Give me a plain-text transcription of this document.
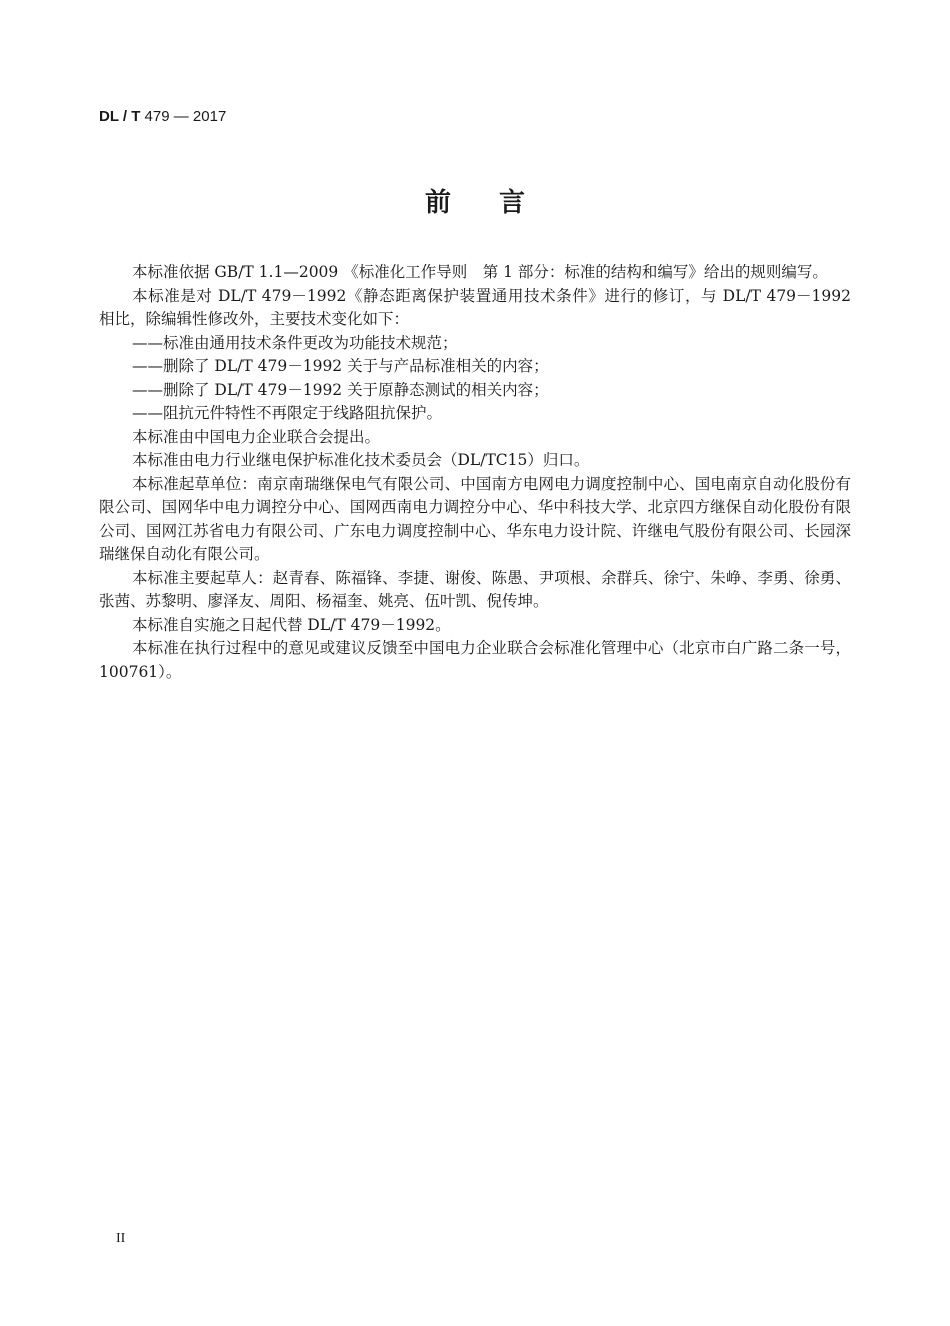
DL / T 479 — 2017
前言

本标准依据 GB/T 1.1—2009 《标准化工作导则　第 1 部分：标准的结构和编写》给出的规则编写。

本标准是对 DL/T 479－1992《静态距离保护装置通用技术条件》进行的修订，与 DL/T 479－1992 相比，除编辑性修改外，主要技术变化如下：

——标准由通用技术条件更改为功能技术规范；

——删除了 DL/T 479－1992 关于与产品标准相关的内容；

——删除了 DL/T 479－1992 关于原静态测试的相关内容；

——阻抗元件特性不再限定于线路阻抗保护。

本标准由中国电力企业联合会提出。

本标准由电力行业继电保护标准化技术委员会（DL/TC15）归口。

本标准起草单位：南京南瑞继保电气有限公司、中国南方电网电力调度控制中心、国电南京自动化股份有限公司、国网华中电力调控分中心、国网西南电力调控分中心、华中科技大学、北京四方继保自动化股份有限公司、国网江苏省电力有限公司、广东电力调度控制中心、华东电力设计院、许继电气股份有限公司、长园深瑞继保自动化有限公司。

本标准主要起草人：赵青春、陈福锋、李捷、谢俊、陈愚、尹项根、余群兵、徐宁、朱峥、李勇、徐勇、张茜、苏黎明、廖泽友、周阳、杨福奎、姚亮、伍叶凯、倪传坤。

本标准自实施之日起代替 DL/T 479－1992。

本标准在执行过程中的意见或建议反馈至中国电力企业联合会标准化管理中心（北京市白广路二条一号，100761）。

II
